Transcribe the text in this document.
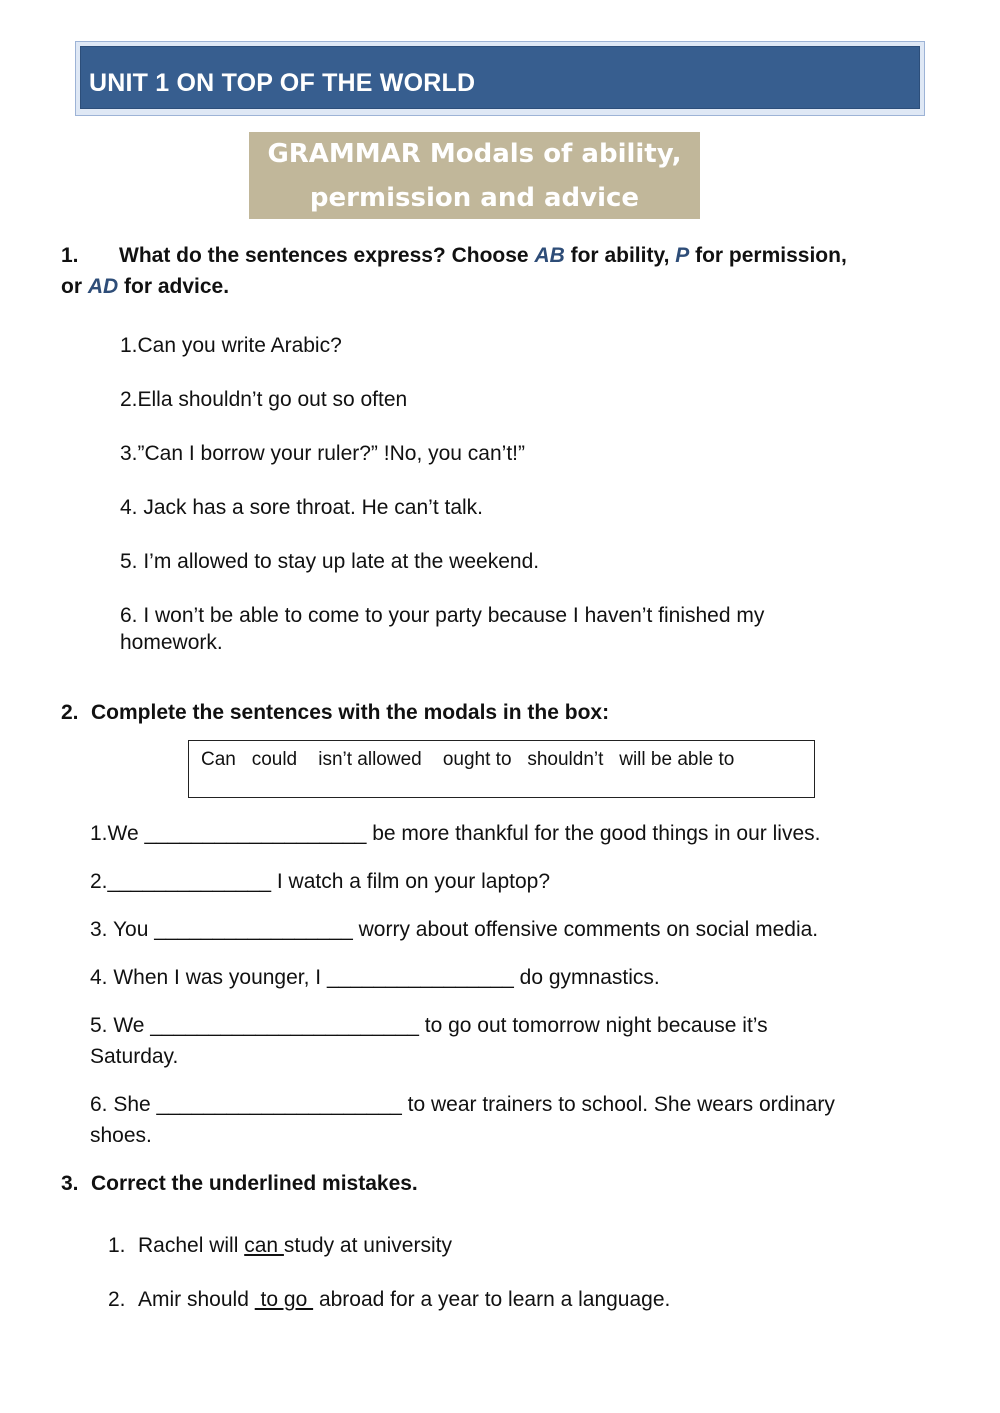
UNIT 1 ON TOP OF THE WORLD
GRAMMAR Modals of ability,
permission and advice
1. What do the sentences express? Choose AB for ability, P for permission,
or AD for advice.
1.Can you write Arabic?
2.Ella shouldn’t go out so often
3.”Can I borrow your ruler?” !No, you can’t!”
4. Jack has a sore throat. He can’t talk.
5. I’m allowed to stay up late at the weekend.
6. I won’t be able to come to your party because I haven’t finished my
homework.
2. Complete the sentences with the modals in the box:
Can   could    isn’t allowed    ought to   shouldn’t   will be able to
1.We ___________________ be more thankful for the good things in our lives.
2.______________ I watch a film on your laptop?
3. You _________________ worry about offensive comments on social media.
4. When I was younger, I ________________ do gymnastics.
5. We _______________________ to go out tomorrow night because it’s
Saturday.
6. She _____________________ to wear trainers to school. She wears ordinary
shoes.
3. Correct the underlined mistakes.
1. Rachel will can study at university
2. Amir should  to go  abroad for a year to learn a language.
